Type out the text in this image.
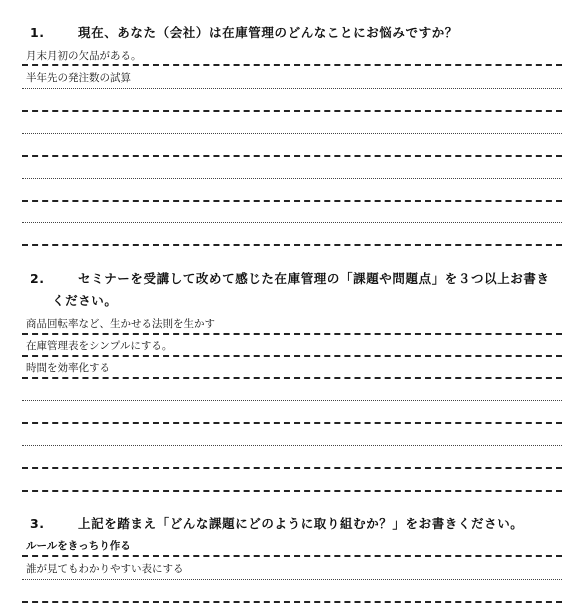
1.	現在、あなた（会社）は在庫管理のどんなことにお悩みですか？
月末月初の欠品がある。
半年先の発注数の試算
2.	セミナーを受講して改めて感じた在庫管理の「課題や問題点」を３つ以上お書き
ください。
商品回転率など、生かせる法則を生かす
在庫管理表をシンプルにする。
時間を効率化する
3.	上記を踏まえ「どんな課題にどのように取り組むか？」をお書きください。
ルールをきっちり作る
誰が見てもわかりやすい表にする
